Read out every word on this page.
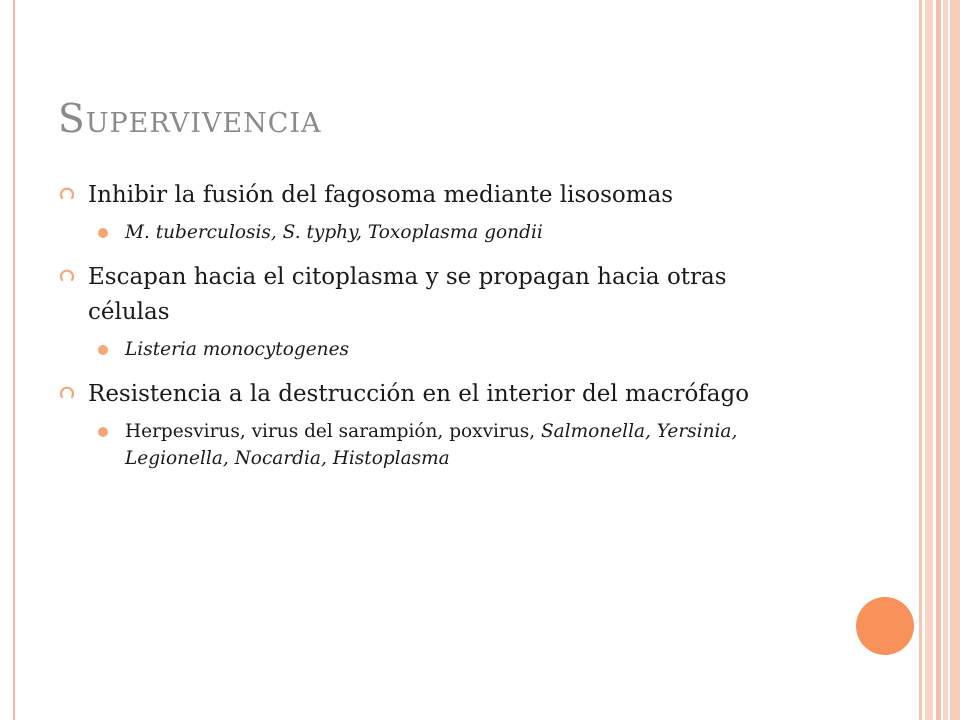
Supervivencia
Inhibir la fusión del fagosoma mediante lisosomas
M. tuberculosis, S. typhy, Toxoplasma gondii
Escapan hacia el citoplasma y se propagan hacia otras células
Listeria monocytogenes
Resistencia a la destrucción en el interior del macrófago
Herpesvirus, virus del sarampión, poxvirus, Salmonella, Yersinia, Legionella, Nocardia, Histoplasma
